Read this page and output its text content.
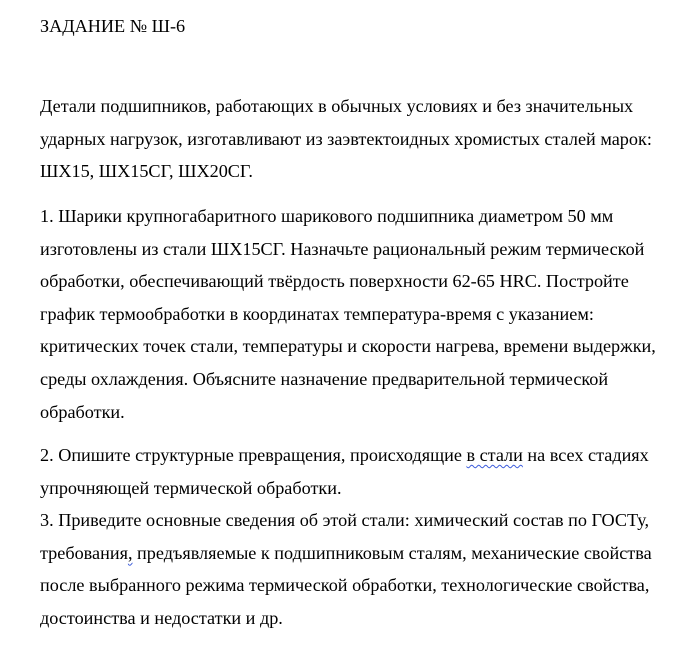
ЗАДАНИЕ № Ш-6

Детали подшипников, работающих в обычных условиях и без значительных
ударных нагрузок, изготавливают из заэвтектоидных хромистых сталей марок:
ШХ15, ШХ15СГ, ШХ20СГ.

1. Шарики крупногабаритного шарикового подшипника диаметром 50 мм
изготовлены из стали ШХ15СГ. Назначьте рациональный режим термической
обработки, обеспечивающий твёрдость поверхности 62-65 HRC. Постройте
график термообработки в координатах температура-время с указанием:
критических точек стали, температуры и скорости нагрева, времени выдержки,
среды охлаждения. Объясните назначение предварительной термической
обработки.

2. Опишите структурные превращения, происходящие в стали на всех стадиях
упрочняющей термической обработки.

3. Приведите основные сведения об этой стали: химический состав по ГОСТу,
требования, предъявляемые к подшипниковым сталям, механические свойства
после выбранного режима термической обработки, технологические свойства,
достоинства и недостатки и др.
